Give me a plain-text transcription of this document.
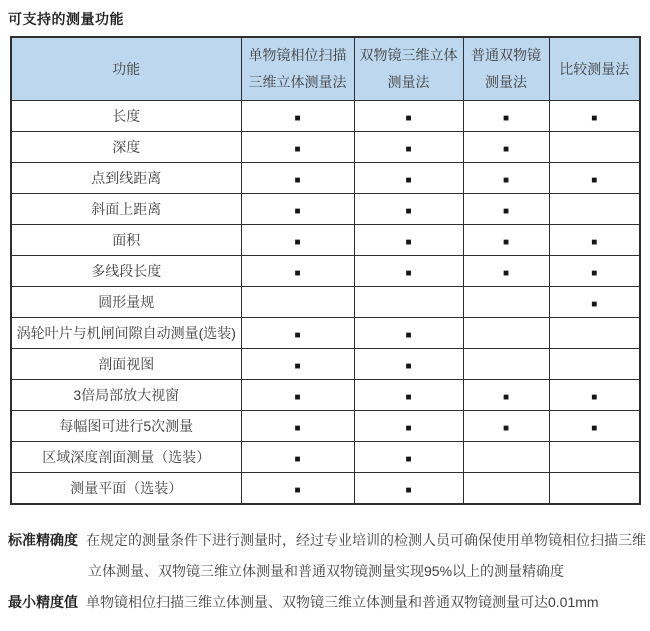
可支持的测量功能
功能	单物镜相位扫描三维立体测量法	双物镜三维立体测量法	普通双物镜测量法	比较测量法
长度	■	■	■	■
深度	■	■	■	
点到线距离	■	■	■	■
斜面上距离	■	■	■	
面积	■	■	■	■
多线段长度	■	■	■	■
圆形量规				■
涡轮叶片与机闸间隙自动测量(选装)	■	■		
剖面视图	■	■		
3倍局部放大视窗	■	■	■	■
每幅图可进行5次测量	■	■	■	■
区域深度剖面测量（选装）	■	■		
测量平面（选装）	■	■		
标准精确度 在规定的测量条件下进行测量时，经过专业培训的检测人员可确保使用单物镜相位扫描三维
立体测量、双物镜三维立体测量和普通双物镜测量实现95%以上的测量精确度
最小精度值 单物镜相位扫描三维立体测量、双物镜三维立体测量和普通双物镜测量可达0.01mm
